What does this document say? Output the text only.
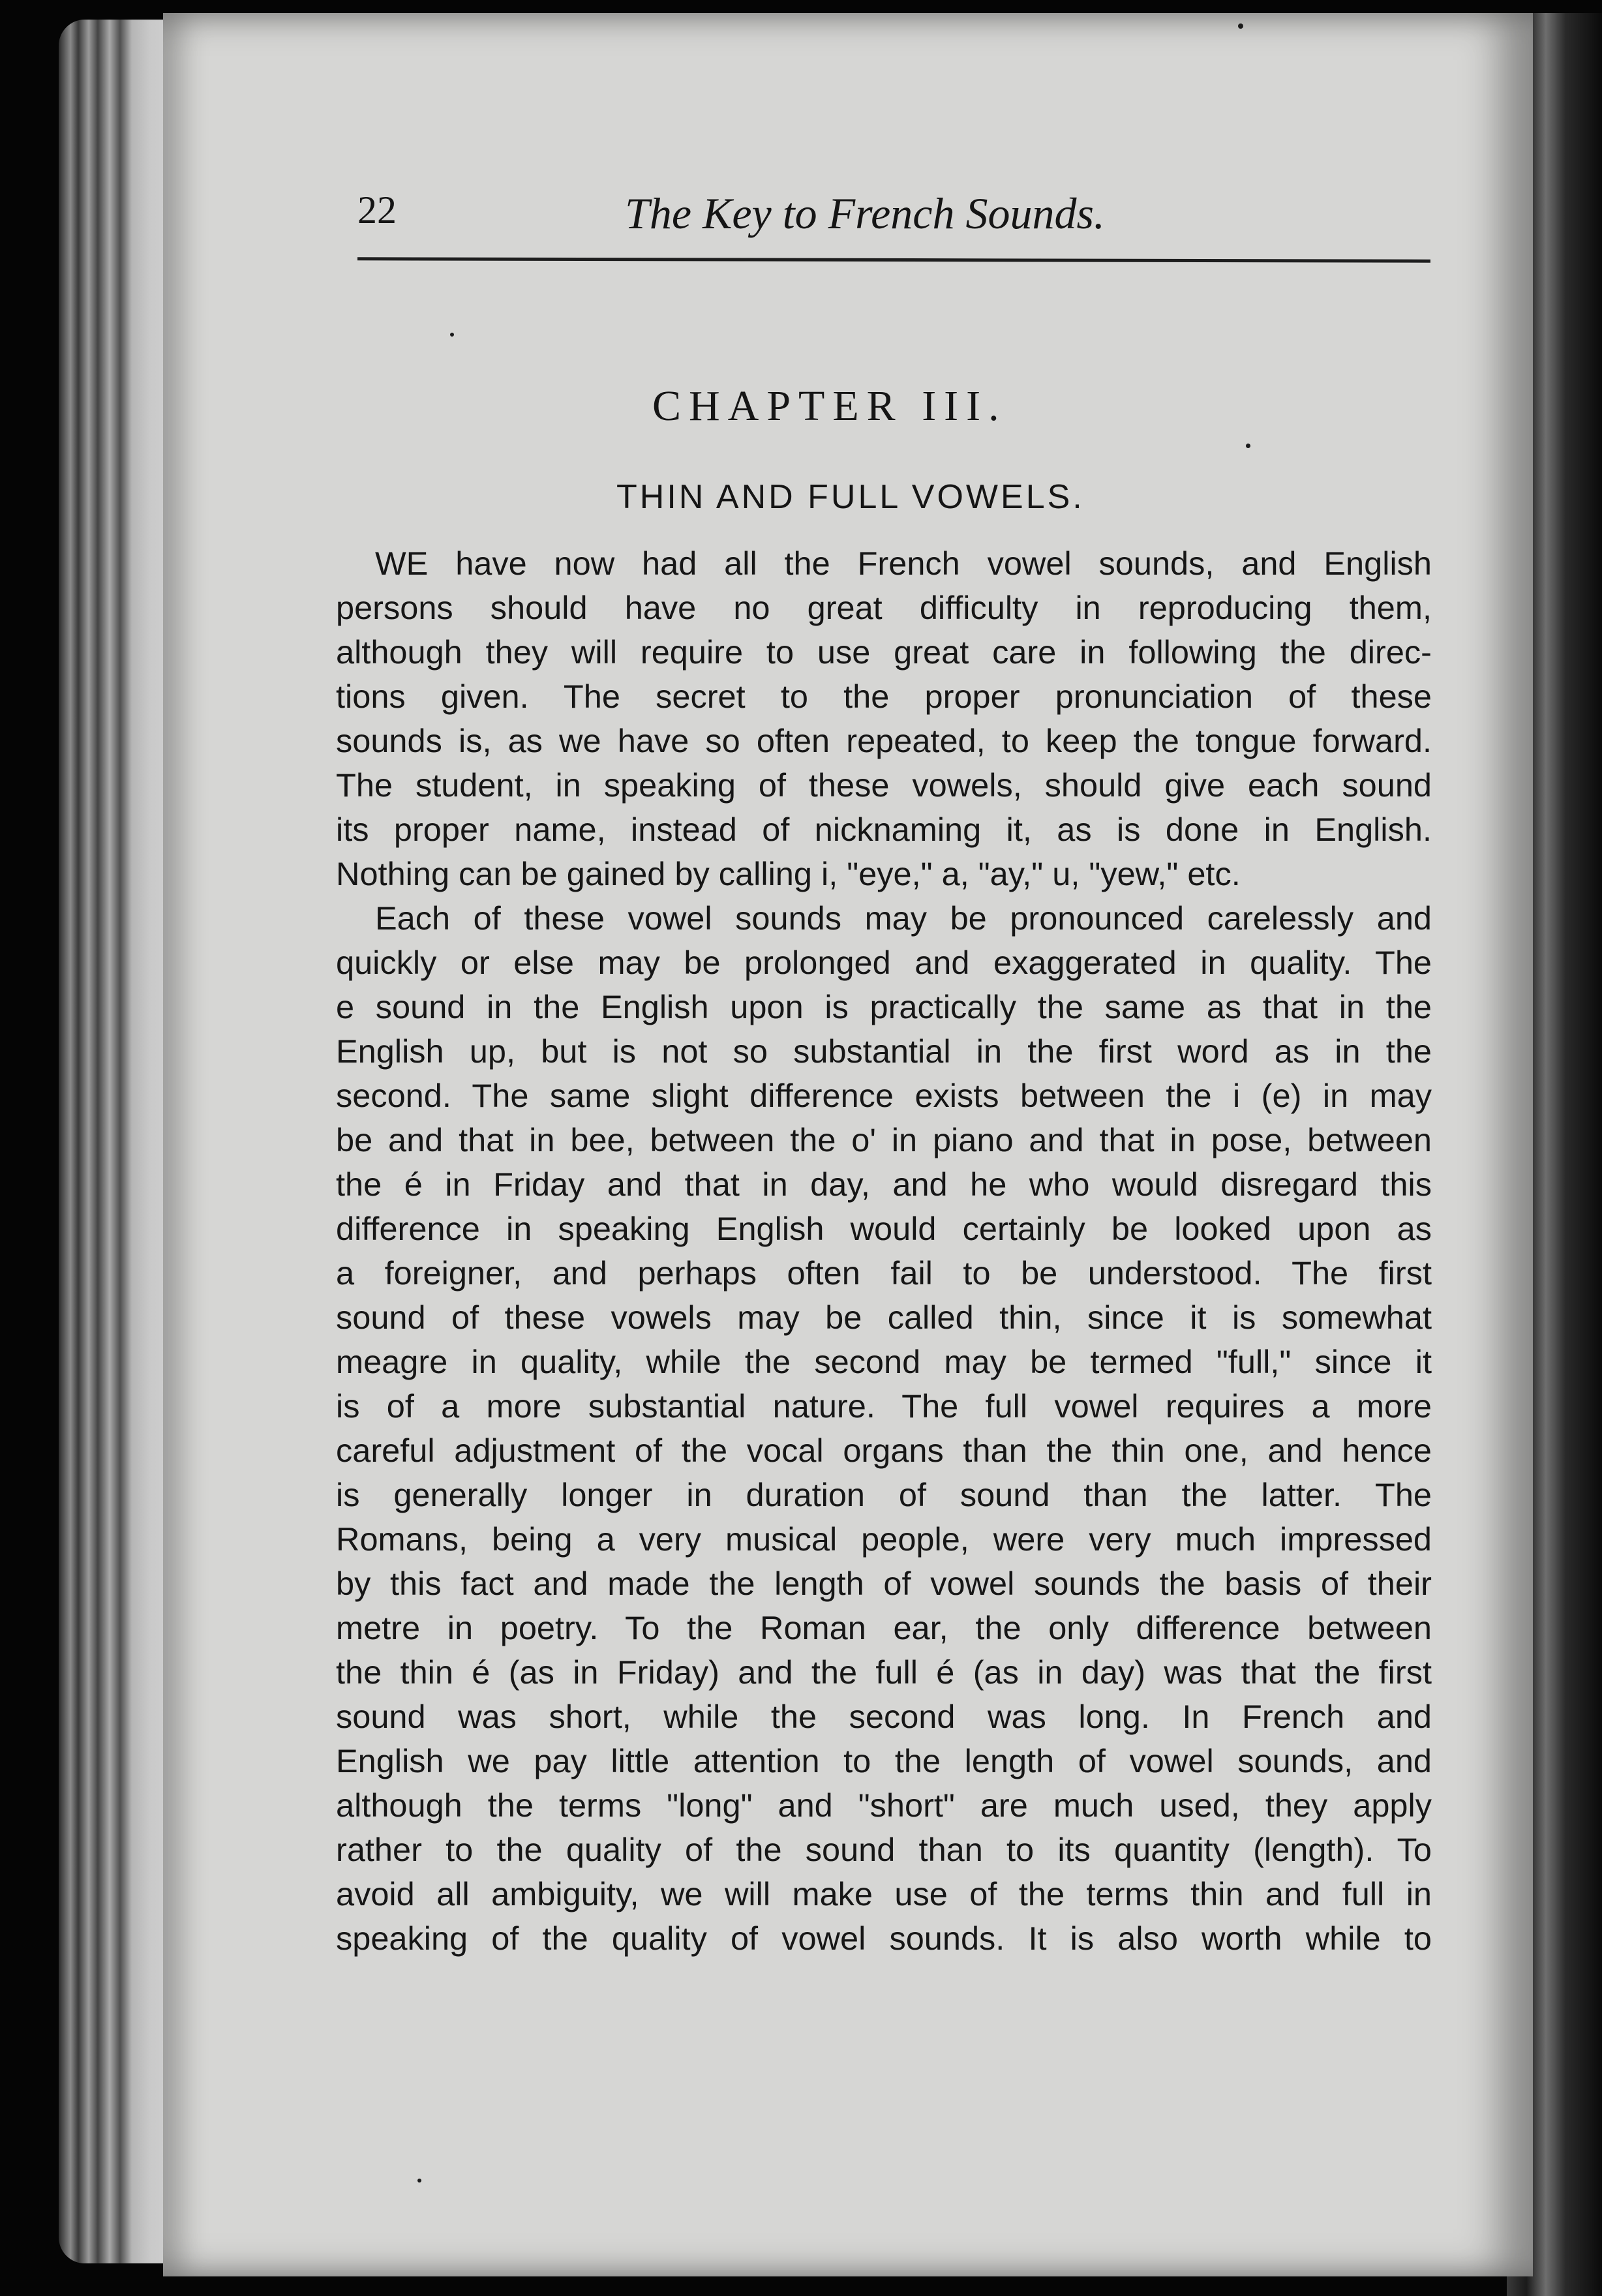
22	The Key to French Sounds.
CHAPTER III.
THIN AND FULL VOWELS.
WE have now had all the French vowel sounds, and English
persons should have no great difficulty in reproducing them,
although they will require to use great care in following the direc-
tions given. The secret to the proper pronunciation of these
sounds is, as we have so often repeated, to keep the tongue forward.
The student, in speaking of these vowels, should give each sound
its proper name, instead of nicknaming it, as is done in English.
Nothing can be gained by calling i, "eye," a, "ay," u, "yew," etc.
Each of these vowel sounds may be pronounced carelessly and
quickly or else may be prolonged and exaggerated in quality. The
e sound in the English upon is practically the same as that in the
English up, but is not so substantial in the first word as in the
second. The same slight difference exists between the i (e) in may
be and that in bee, between the o' in piano and that in pose, between
the é in Friday and that in day, and he who would disregard this
difference in speaking English would certainly be looked upon as
a foreigner, and perhaps often fail to be understood. The first
sound of these vowels may be called thin, since it is somewhat
meagre in quality, while the second may be termed "full," since it
is of a more substantial nature. The full vowel requires a more
careful adjustment of the vocal organs than the thin one, and hence
is generally longer in duration of sound than the latter. The
Romans, being a very musical people, were very much impressed
by this fact and made the length of vowel sounds the basis of their
metre in poetry. To the Roman ear, the only difference between
the thin é (as in Friday) and the full é (as in day) was that the first
sound was short, while the second was long. In French and
English we pay little attention to the length of vowel sounds, and
although the terms "long" and "short" are much used, they apply
rather to the quality of the sound than to its quantity (length). To
avoid all ambiguity, we will make use of the terms thin and full in
speaking of the quality of vowel sounds. It is also worth while to
